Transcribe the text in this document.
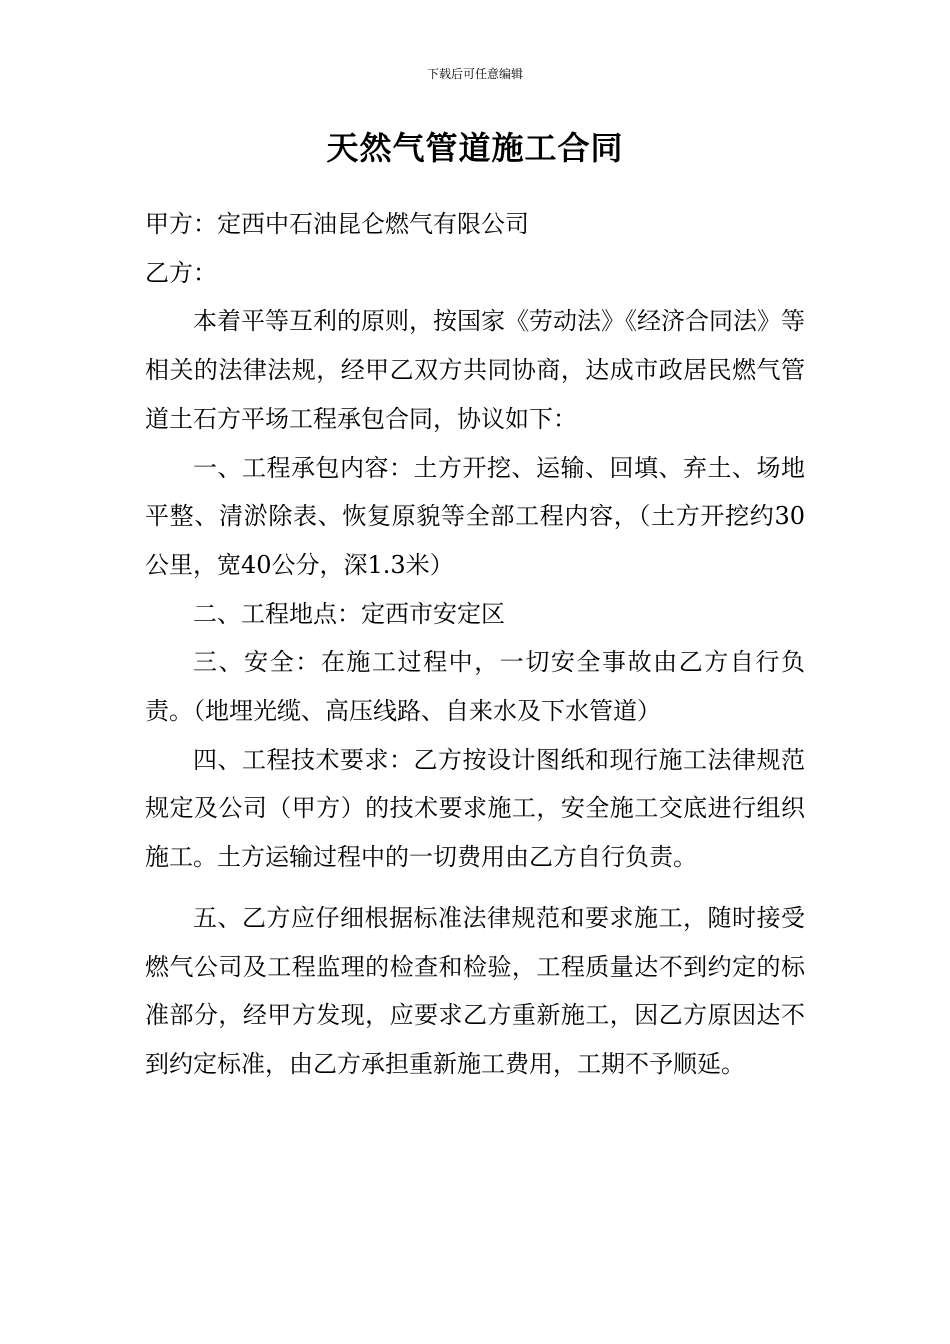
下载后可任意编辑
天然气管道施工合同

甲方：定西中石油昆仑燃气有限公司

乙方：

本着平等互利的原则，按国家《劳动法》《经济合同法》等相关的法律法规，经甲乙双方共同协商，达成市政居民燃气管道土石方平场工程承包合同，协议如下：

一、工程承包内容：土方开挖、运输、回填、弃土、场地平整、清淤除表、恢复原貌等全部工程内容，（土方开挖约30公里，宽40公分，深1.3米）

二、工程地点：定西市安定区

三、安全：在施工过程中，一切安全事故由乙方自行负责。（地埋光缆、高压线路、自来水及下水管道）

四、工程技术要求：乙方按设计图纸和现行施工法律规范规定及公司（甲方）的技术要求施工，安全施工交底进行组织施工。土方运输过程中的一切费用由乙方自行负责。

五、乙方应仔细根据标准法律规范和要求施工，随时接受燃气公司及工程监理的检查和检验，工程质量达不到约定的标准部分，经甲方发现，应要求乙方重新施工，因乙方原因达不到约定标准，由乙方承担重新施工费用，工期不予顺延。
